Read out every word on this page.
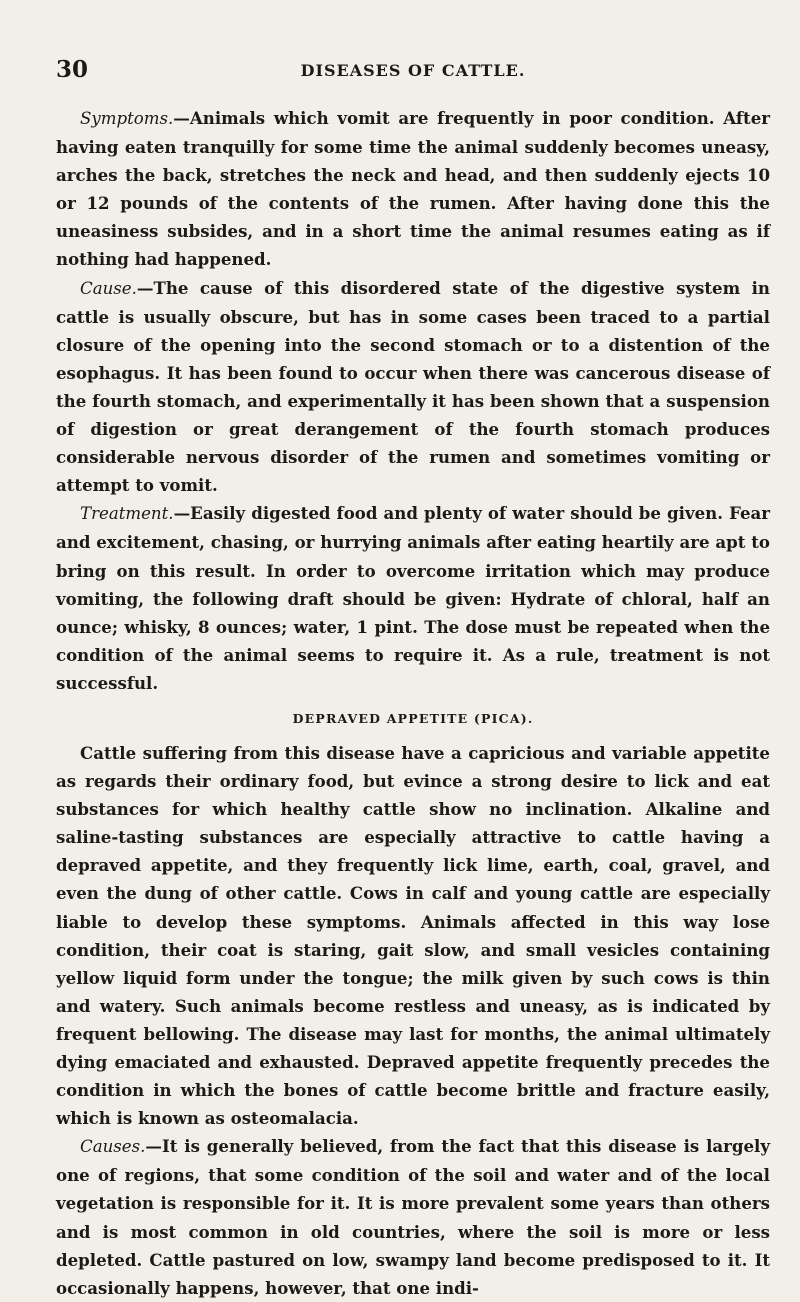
30	DISEASES OF CATTLE.

Symptoms.—Animals which vomit are frequently in poor condition. After having eaten tranquilly for some time the animal suddenly becomes uneasy, arches the back, stretches the neck and head, and then suddenly ejects 10 or 12 pounds of the contents of the rumen. After having done this the uneasiness subsides, and in a short time the animal resumes eating as if nothing had happened.

Cause.—The cause of this disordered state of the digestive system in cattle is usually obscure, but has in some cases been traced to a partial closure of the opening into the second stomach or to a distention of the esophagus. It has been found to occur when there was cancerous disease of the fourth stomach, and experimentally it has been shown that a suspension of digestion or great derangement of the fourth stomach produces considerable nervous disorder of the rumen and sometimes vomiting or attempt to vomit.

Treatment.—Easily digested food and plenty of water should be given. Fear and excitement, chasing, or hurrying animals after eating heartily are apt to bring on this result. In order to overcome irritation which may produce vomiting, the following draft should be given: Hydrate of chloral, half an ounce; whisky, 8 ounces; water, 1 pint. The dose must be repeated when the condition of the animal seems to require it. As a rule, treatment is not successful.

DEPRAVED APPETITE (PICA).

Cattle suffering from this disease have a capricious and variable appetite as regards their ordinary food, but evince a strong desire to lick and eat substances for which healthy cattle show no inclination. Alkaline and saline-tasting substances are especially attractive to cattle having a depraved appetite, and they frequently lick lime, earth, coal, gravel, and even the dung of other cattle. Cows in calf and young cattle are especially liable to develop these symptoms. Animals affected in this way lose condition, their coat is staring, gait slow, and small vesicles containing yellow liquid form under the tongue; the milk given by such cows is thin and watery. Such animals become restless and uneasy, as is indicated by frequent bellowing. The disease may last for months, the animal ultimately dying emaciated and exhausted. Depraved appetite frequently precedes the condition in which the bones of cattle become brittle and fracture easily, which is known as osteomalacia.

Causes.—It is generally believed, from the fact that this disease is largely one of regions, that some condition of the soil and water and of the local vegetation is responsible for it. It is more prevalent some years than others and is most common in old countries, where the soil is more or less depleted. Cattle pastured on low, swampy land become predisposed to it. It occasionally happens, however, that one indi-
